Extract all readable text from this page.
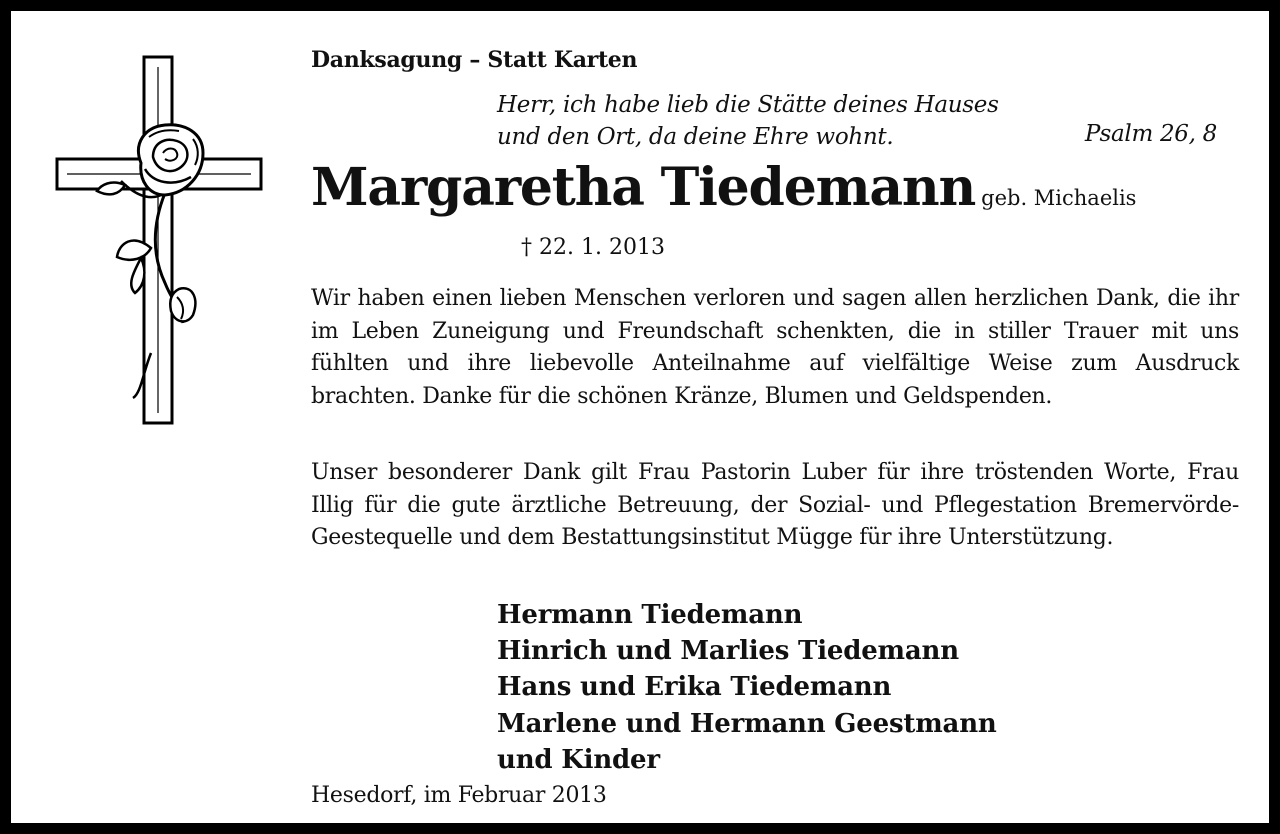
Danksagung – Statt Karten
Herr, ich habe lieb die Stätte deines Hauses
und den Ort, da deine Ehre wohnt.	Psalm 26, 8
Margaretha Tiedemann geb. Michaelis
† 22. 1. 2013

Wir haben einen lieben Menschen verloren und sagen allen herzlichen Dank, die ihr im Leben Zuneigung und Freundschaft schenkten, die in stiller Trauer mit uns fühlten und ihre liebevolle Anteilnahme auf vielfältige Weise zum Ausdruck brachten. Danke für die schönen Kränze, Blumen und Geldspenden.

Unser besonderer Dank gilt Frau Pastorin Luber für ihre tröstenden Worte, Frau Illig für die gute ärztliche Betreuung, der Sozial- und Pflegestation Bremervörde-Geestequelle und dem Bestattungsinstitut Mügge für ihre Unterstützung.

Hermann Tiedemann
Hinrich und Marlies Tiedemann
Hans und Erika Tiedemann
Marlene und Hermann Geestmann
und Kinder
Hesedorf, im Februar 2013
